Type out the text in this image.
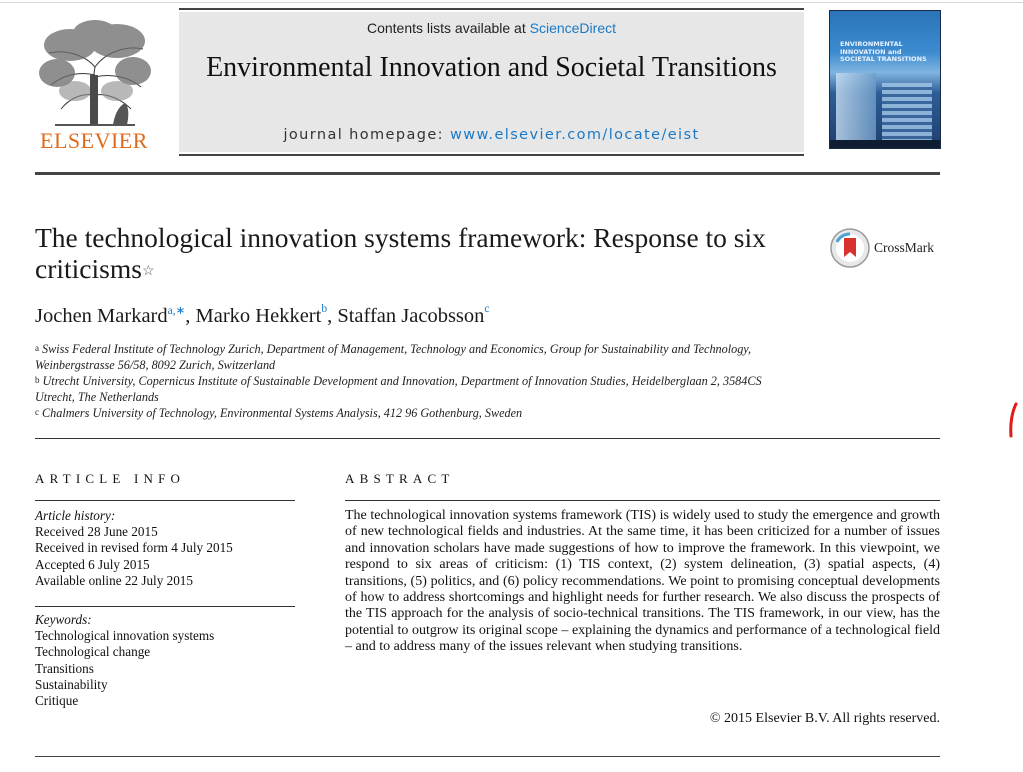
ELSEVIER
Contents lists available at ScienceDirect
Environmental Innovation and Societal Transitions
journal homepage: www.elsevier.com/locate/eist
ENVIRONMENTAL INNOVATION and SOCIETAL TRANSITIONS
The technological innovation systems framework: Response to six criticisms☆
CrossMark
Jochen Markard$^{a,∗}$, Marko Hekkert$^b$, Staffan Jacobsson$^c$
$^a$ Swiss Federal Institute of Technology Zurich, Department of Management, Technology and Economics, Group for Sustainability and Technology, Weinbergstrasse 56/58, 8092 Zurich, Switzerland
$^b$ Utrecht University, Copernicus Institute of Sustainable Development and Innovation, Department of Innovation Studies, Heidelberglaan 2, 3584CS Utrecht, The Netherlands
$^c$ Chalmers University of Technology, Environmental Systems Analysis, 412 96 Gothenburg, Sweden
ARTICLE INFO	ABSTRACT
Article history:
Received 28 June 2015
Received in revised form 4 July 2015
Accepted 6 July 2015
Available online 22 July 2015
Keywords:
Technological innovation systems
Technological change
Transitions
Sustainability
Critique
The technological innovation systems framework (TIS) is widely used to study the emergence and growth of new technological fields and industries. At the same time, it has been criticized for a number of issues and innovation scholars have made suggestions of how to improve the framework. In this viewpoint, we respond to six areas of criticism: (1) TIS context, (2) system delineation, (3) spatial aspects, (4) transitions, (5) politics, and (6) policy recommendations. We point to promising conceptual developments of how to address shortcomings and highlight needs for further research. We also discuss the prospects of the TIS approach for the analysis of socio-technical transitions. The TIS framework, in our view, has the potential to outgrow its original scope – explaining the dynamics and performance of a technological field – and to address many of the issues relevant when studying transitions.
© 2015 Elsevier B.V. All rights reserved.
